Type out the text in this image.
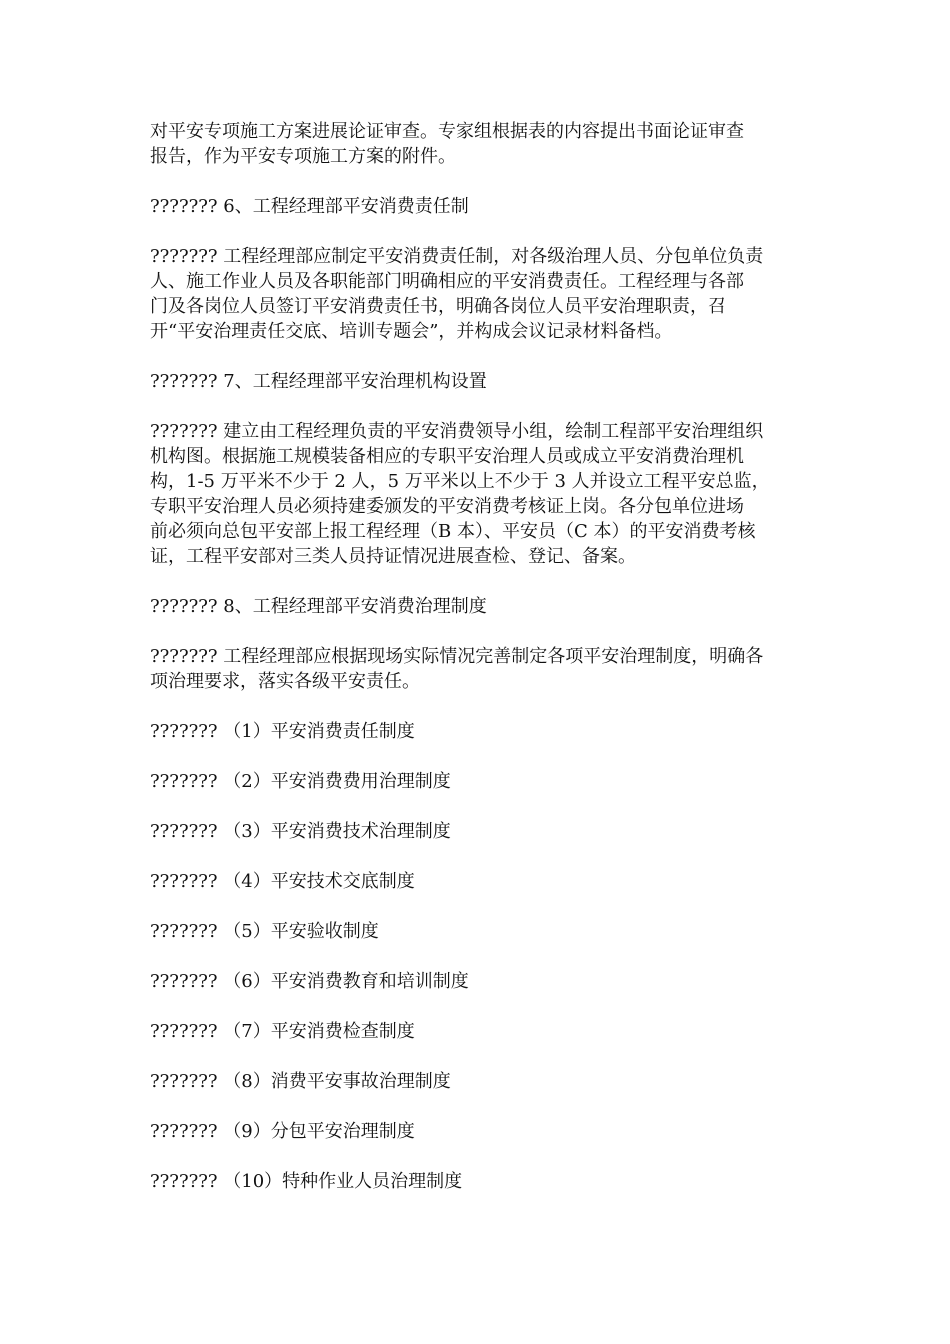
对平安专项施工方案进展论证审查。专家组根据表的内容提出书面论证审查
报告，作为平安专项施工方案的附件。

??????? 6、工程经理部平安消费责任制

??????? 工程经理部应制定平安消费责任制，对各级治理人员、分包单位负责
人、施工作业人员及各职能部门明确相应的平安消费责任。工程经理与各部
门及各岗位人员签订平安消费责任书，明确各岗位人员平安治理职责，召
开“平安治理责任交底、培训专题会”，并构成会议记录材料备档。

??????? 7、工程经理部平安治理机构设置

??????? 建立由工程经理负责的平安消费领导小组，绘制工程部平安治理组织
机构图。根据施工规模装备相应的专职平安治理人员或成立平安消费治理机
构，1-5 万平米不少于 2 人，5 万平米以上不少于 3 人并设立工程平安总监，
专职平安治理人员必须持建委颁发的平安消费考核证上岗。各分包单位进场
前必须向总包平安部上报工程经理（B 本）、平安员（C 本）的平安消费考核
证，工程平安部对三类人员持证情况进展查检、登记、备案。

??????? 8、工程经理部平安消费治理制度

??????? 工程经理部应根据现场实际情况完善制定各项平安治理制度，明确各
项治理要求，落实各级平安责任。

??????? （1）平安消费责任制度

??????? （2）平安消费费用治理制度

??????? （3）平安消费技术治理制度

??????? （4）平安技术交底制度

??????? （5）平安验收制度

??????? （6）平安消费教育和培训制度

??????? （7）平安消费检查制度

??????? （8）消费平安事故治理制度

??????? （9）分包平安治理制度

??????? （10）特种作业人员治理制度
